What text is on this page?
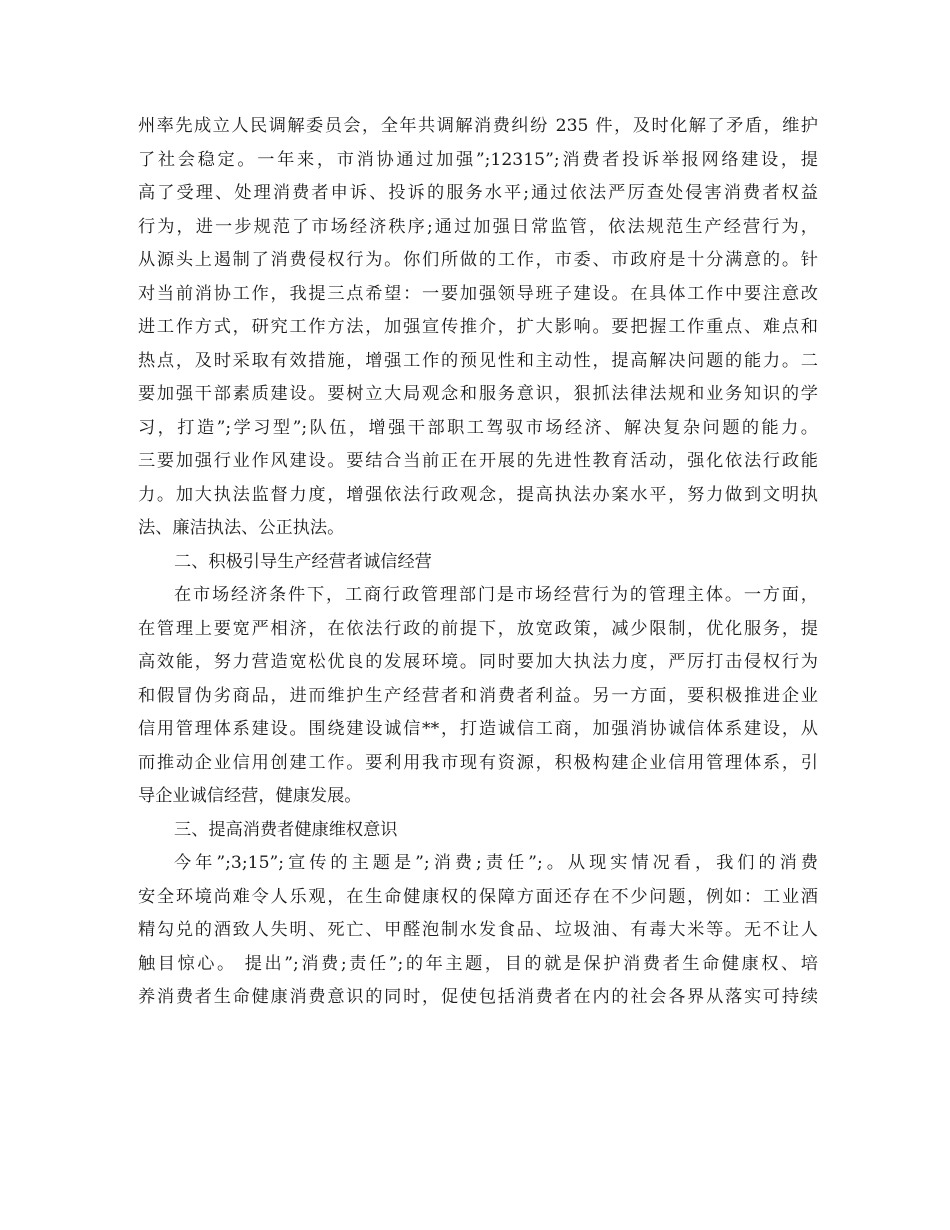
州率先成立人民调解委员会，全年共调解消费纠纷 235 件，及时化解了矛盾，维护
了社会稳定。一年来，市消协通过加强”;12315”;消费者投诉举报网络建设，提
高了受理、处理消费者申诉、投诉的服务水平;通过依法严厉查处侵害消费者权益
行为，进一步规范了市场经济秩序;通过加强日常监管，依法规范生产经营行为，
从源头上遏制了消费侵权行为。你们所做的工作，市委、市政府是十分满意的。针
对当前消协工作，我提三点希望：一要加强领导班子建设。在具体工作中要注意改
进工作方式，研究工作方法，加强宣传推介，扩大影响。要把握工作重点、难点和
热点，及时采取有效措施，增强工作的预见性和主动性，提高解决问题的能力。二
要加强干部素质建设。要树立大局观念和服务意识，狠抓法律法规和业务知识的学
习，打造”;学习型”;队伍，增强干部职工驾驭市场经济、解决复杂问题的能力。
三要加强行业作风建设。要结合当前正在开展的先进性教育活动，强化依法行政能
力。加大执法监督力度，增强依法行政观念，提高执法办案水平，努力做到文明执
法、廉洁执法、公正执法。
二、积极引导生产经营者诚信经营
在市场经济条件下，工商行政管理部门是市场经营行为的管理主体。一方面，
在管理上要宽严相济，在依法行政的前提下，放宽政策，减少限制，优化服务，提
高效能，努力营造宽松优良的发展环境。同时要加大执法力度，严厉打击侵权行为
和假冒伪劣商品，进而维护生产经营者和消费者利益。另一方面，要积极推进企业
信用管理体系建设。围绕建设诚信**，打造诚信工商，加强消协诚信体系建设，从
而推动企业信用创建工作。要利用我市现有资源，积极构建企业信用管理体系，引
导企业诚信经营，健康发展。
三、提高消费者健康维权意识
今年”;3;15”;宣传的主题是”;消费;责任”;。从现实情况看，我们的消费
安全环境尚难令人乐观，在生命健康权的保障方面还存在不少问题，例如：工业酒
精勾兑的酒致人失明、死亡、甲醛泡制水发食品、垃圾油、有毒大米等。无不让人
触目惊心。 提出”;消费;责任”;的年主题，目的就是保护消费者生命健康权、培
养消费者生命健康消费意识的同时，促使包括消费者在内的社会各界从落实可持续
